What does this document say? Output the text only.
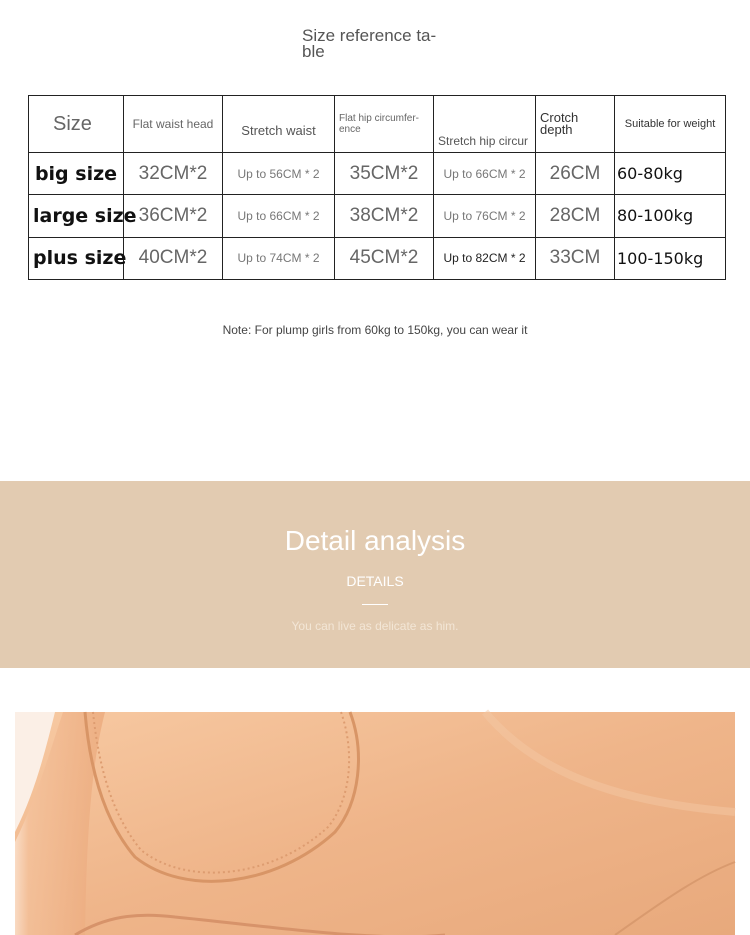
Size reference ta-ble
Size	Flat waist head	Stretch waist	Flat hip circumfer-ence	Stretch hip circur	Crotch depth	Suitable for weight
big size	32CM*2	Up to 56CM * 2	35CM*2	Up to 66CM * 2	26CM	60-80kg
large size	36CM*2	Up to 66CM * 2	38CM*2	Up to 76CM * 2	28CM	80-100kg
plus size	40CM*2	Up to 74CM * 2	45CM*2	Up to 82CM * 2	33CM	100-150kg
Note: For plump girls from 60kg to 150kg, you can wear it
Detail analysis
DETAILS
You can live as delicate as him.
